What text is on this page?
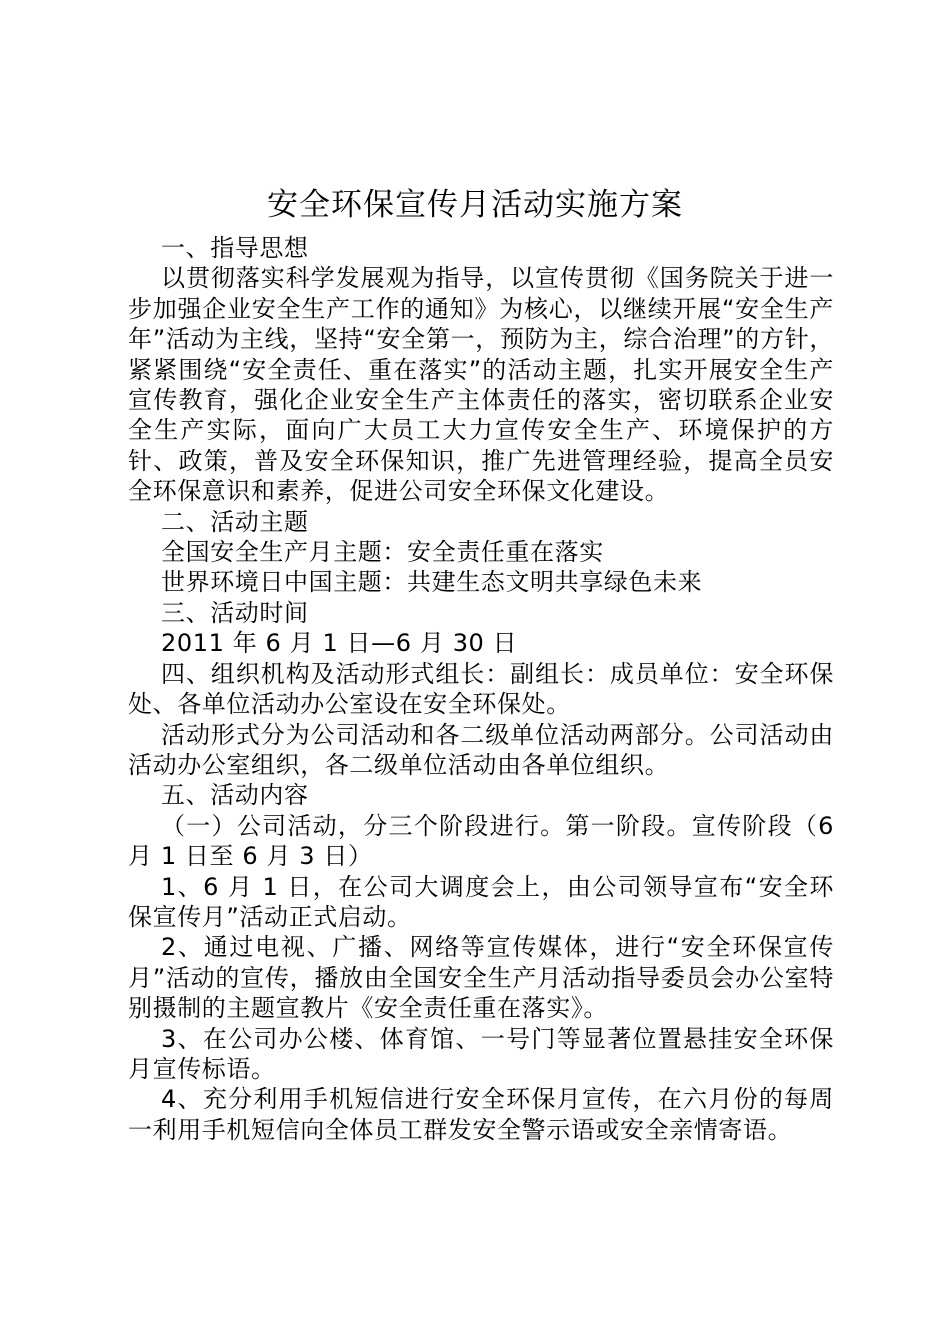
安全环保宣传月活动实施方案

一、指导思想

以贯彻落实科学发展观为指导，以宣传贯彻《国务院关于进一步加强企业安全生产工作的通知》为核心，以继续开展“安全生产年”活动为主线，坚持“安全第一，预防为主，综合治理”的方针，紧紧围绕“安全责任、重在落实”的活动主题，扎实开展安全生产宣传教育，强化企业安全生产主体责任的落实，密切联系企业安全生产实际，面向广大员工大力宣传安全生产、环境保护的方针、政策，普及安全环保知识，推广先进管理经验，提高全员安全环保意识和素养，促进公司安全环保文化建设。

二、活动主题

全国安全生产月主题：安全责任重在落实

世界环境日中国主题：共建生态文明共享绿色未来

三、活动时间

2011 年 6 月 1 日—6 月 30 日

四、组织机构及活动形式组长：副组长：成员单位：安全环保处、各单位活动办公室设在安全环保处。

活动形式分为公司活动和各二级单位活动两部分。公司活动由活动办公室组织，各二级单位活动由各单位组织。

五、活动内容

（一）公司活动，分三个阶段进行。第一阶段。宣传阶段（6 月 1 日至 6 月 3 日）

1、6 月 1 日，在公司大调度会上，由公司领导宣布“安全环保宣传月”活动正式启动。

2、通过电视、广播、网络等宣传媒体，进行“安全环保宣传月”活动的宣传，播放由全国安全生产月活动指导委员会办公室特别摄制的主题宣教片《安全责任重在落实》。

3、在公司办公楼、体育馆、一号门等显著位置悬挂安全环保月宣传标语。

4、充分利用手机短信进行安全环保月宣传，在六月份的每周一利用手机短信向全体员工群发安全警示语或安全亲情寄语。
